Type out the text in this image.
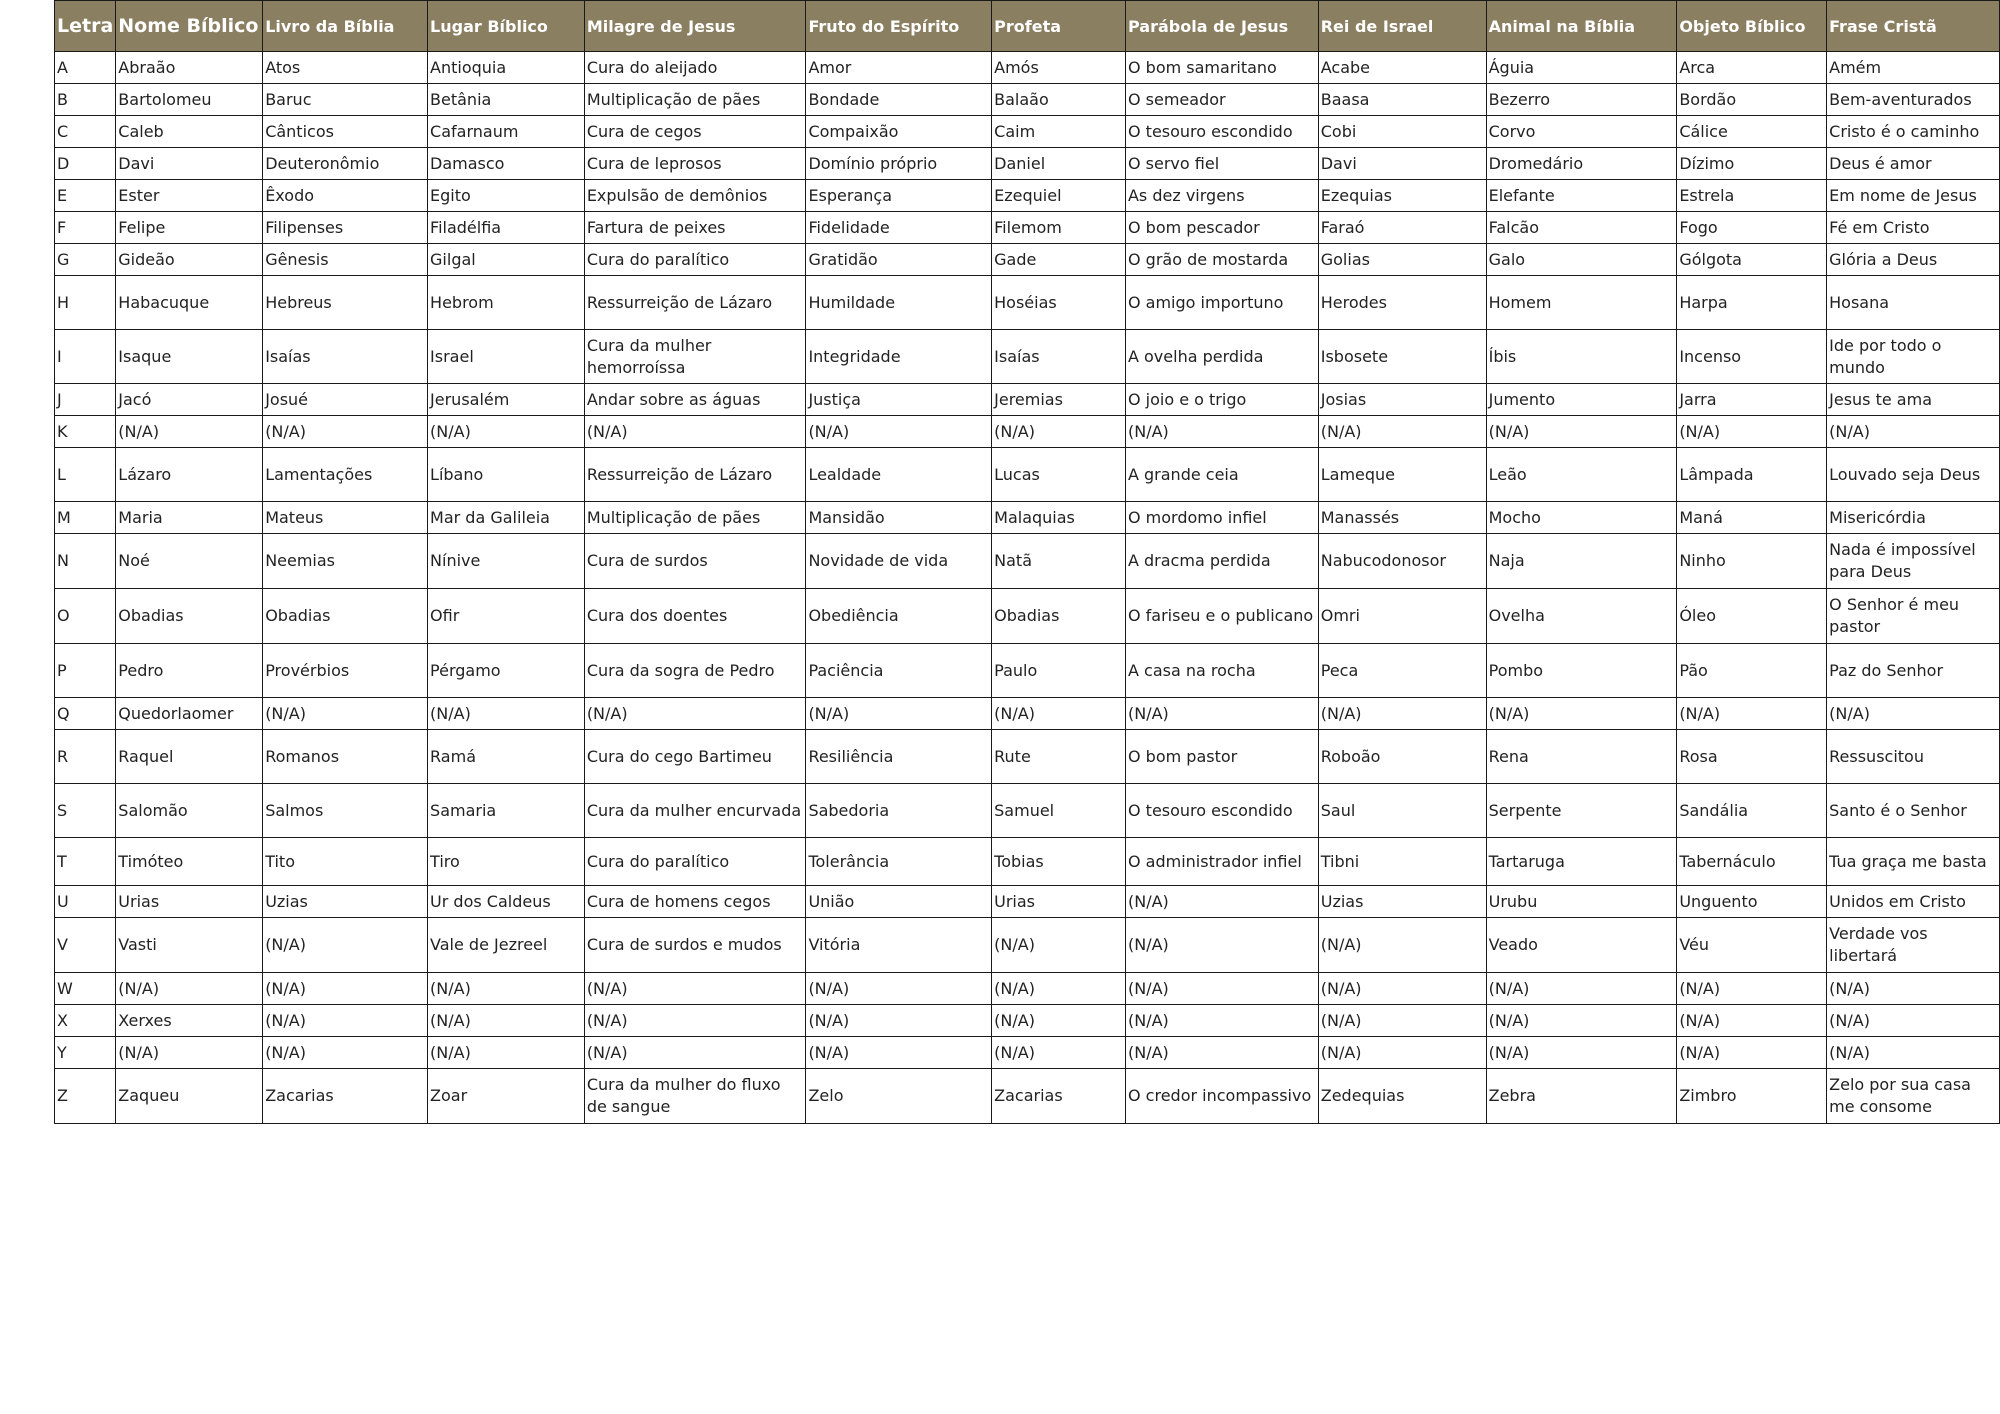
Letra	Nome Bíblico	Livro da Bíblia	Lugar Bíblico	Milagre de Jesus	Fruto do Espírito	Profeta	Parábola de Jesus	Rei de Israel	Animal na Bíblia	Objeto Bíblico	Frase Cristã
A	Abraão	Atos	Antioquia	Cura do aleijado	Amor	Amós	O bom samaritano	Acabe	Águia	Arca	Amém
B	Bartolomeu	Baruc	Betânia	Multiplicação de pães	Bondade	Balaão	O semeador	Baasa	Bezerro	Bordão	Bem-aventurados
C	Caleb	Cânticos	Cafarnaum	Cura de cegos	Compaixão	Caim	O tesouro escondido	Cobi	Corvo	Cálice	Cristo é o caminho
D	Davi	Deuteronômio	Damasco	Cura de leprosos	Domínio próprio	Daniel	O servo fiel	Davi	Dromedário	Dízimo	Deus é amor
E	Ester	Êxodo	Egito	Expulsão de demônios	Esperança	Ezequiel	As dez virgens	Ezequias	Elefante	Estrela	Em nome de Jesus
F	Felipe	Filipenses	Filadélfia	Fartura de peixes	Fidelidade	Filemom	O bom pescador	Faraó	Falcão	Fogo	Fé em Cristo
G	Gideão	Gênesis	Gilgal	Cura do paralítico	Gratidão	Gade	O grão de mostarda	Golias	Galo	Gólgota	Glória a Deus
H	Habacuque	Hebreus	Hebrom	Ressurreição de Lázaro	Humildade	Hoséias	O amigo importuno	Herodes	Homem	Harpa	Hosana
I	Isaque	Isaías	Israel	Cura da mulher hemorroíssa	Integridade	Isaías	A ovelha perdida	Isbosete	Íbis	Incenso	Ide por todo o mundo
J	Jacó	Josué	Jerusalém	Andar sobre as águas	Justiça	Jeremias	O joio e o trigo	Josias	Jumento	Jarra	Jesus te ama
K	(N/A)	(N/A)	(N/A)	(N/A)	(N/A)	(N/A)	(N/A)	(N/A)	(N/A)	(N/A)	(N/A)
L	Lázaro	Lamentações	Líbano	Ressurreição de Lázaro	Lealdade	Lucas	A grande ceia	Lameque	Leão	Lâmpada	Louvado seja Deus
M	Maria	Mateus	Mar da Galileia	Multiplicação de pães	Mansidão	Malaquias	O mordomo infiel	Manassés	Mocho	Maná	Misericórdia
N	Noé	Neemias	Nínive	Cura de surdos	Novidade de vida	Natã	A dracma perdida	Nabucodonosor	Naja	Ninho	Nada é impossível para Deus
O	Obadias	Obadias	Ofir	Cura dos doentes	Obediência	Obadias	O fariseu e o publicano	Omri	Ovelha	Óleo	O Senhor é meu pastor
P	Pedro	Provérbios	Pérgamo	Cura da sogra de Pedro	Paciência	Paulo	A casa na rocha	Peca	Pombo	Pão	Paz do Senhor
Q	Quedorlaomer	(N/A)	(N/A)	(N/A)	(N/A)	(N/A)	(N/A)	(N/A)	(N/A)	(N/A)	(N/A)
R	Raquel	Romanos	Ramá	Cura do cego Bartimeu	Resiliência	Rute	O bom pastor	Roboão	Rena	Rosa	Ressuscitou
S	Salomão	Salmos	Samaria	Cura da mulher encurvada	Sabedoria	Samuel	O tesouro escondido	Saul	Serpente	Sandália	Santo é o Senhor
T	Timóteo	Tito	Tiro	Cura do paralítico	Tolerância	Tobias	O administrador infiel	Tibni	Tartaruga	Tabernáculo	Tua graça me basta
U	Urias	Uzias	Ur dos Caldeus	Cura de homens cegos	União	Urias	(N/A)	Uzias	Urubu	Unguento	Unidos em Cristo
V	Vasti	(N/A)	Vale de Jezreel	Cura de surdos e mudos	Vitória	(N/A)	(N/A)	(N/A)	Veado	Véu	Verdade vos libertará
W	(N/A)	(N/A)	(N/A)	(N/A)	(N/A)	(N/A)	(N/A)	(N/A)	(N/A)	(N/A)	(N/A)
X	Xerxes	(N/A)	(N/A)	(N/A)	(N/A)	(N/A)	(N/A)	(N/A)	(N/A)	(N/A)	(N/A)
Y	(N/A)	(N/A)	(N/A)	(N/A)	(N/A)	(N/A)	(N/A)	(N/A)	(N/A)	(N/A)	(N/A)
Z	Zaqueu	Zacarias	Zoar	Cura da mulher do fluxo de sangue	Zelo	Zacarias	O credor incompassivo	Zedequias	Zebra	Zimbro	Zelo por sua casa me consome
